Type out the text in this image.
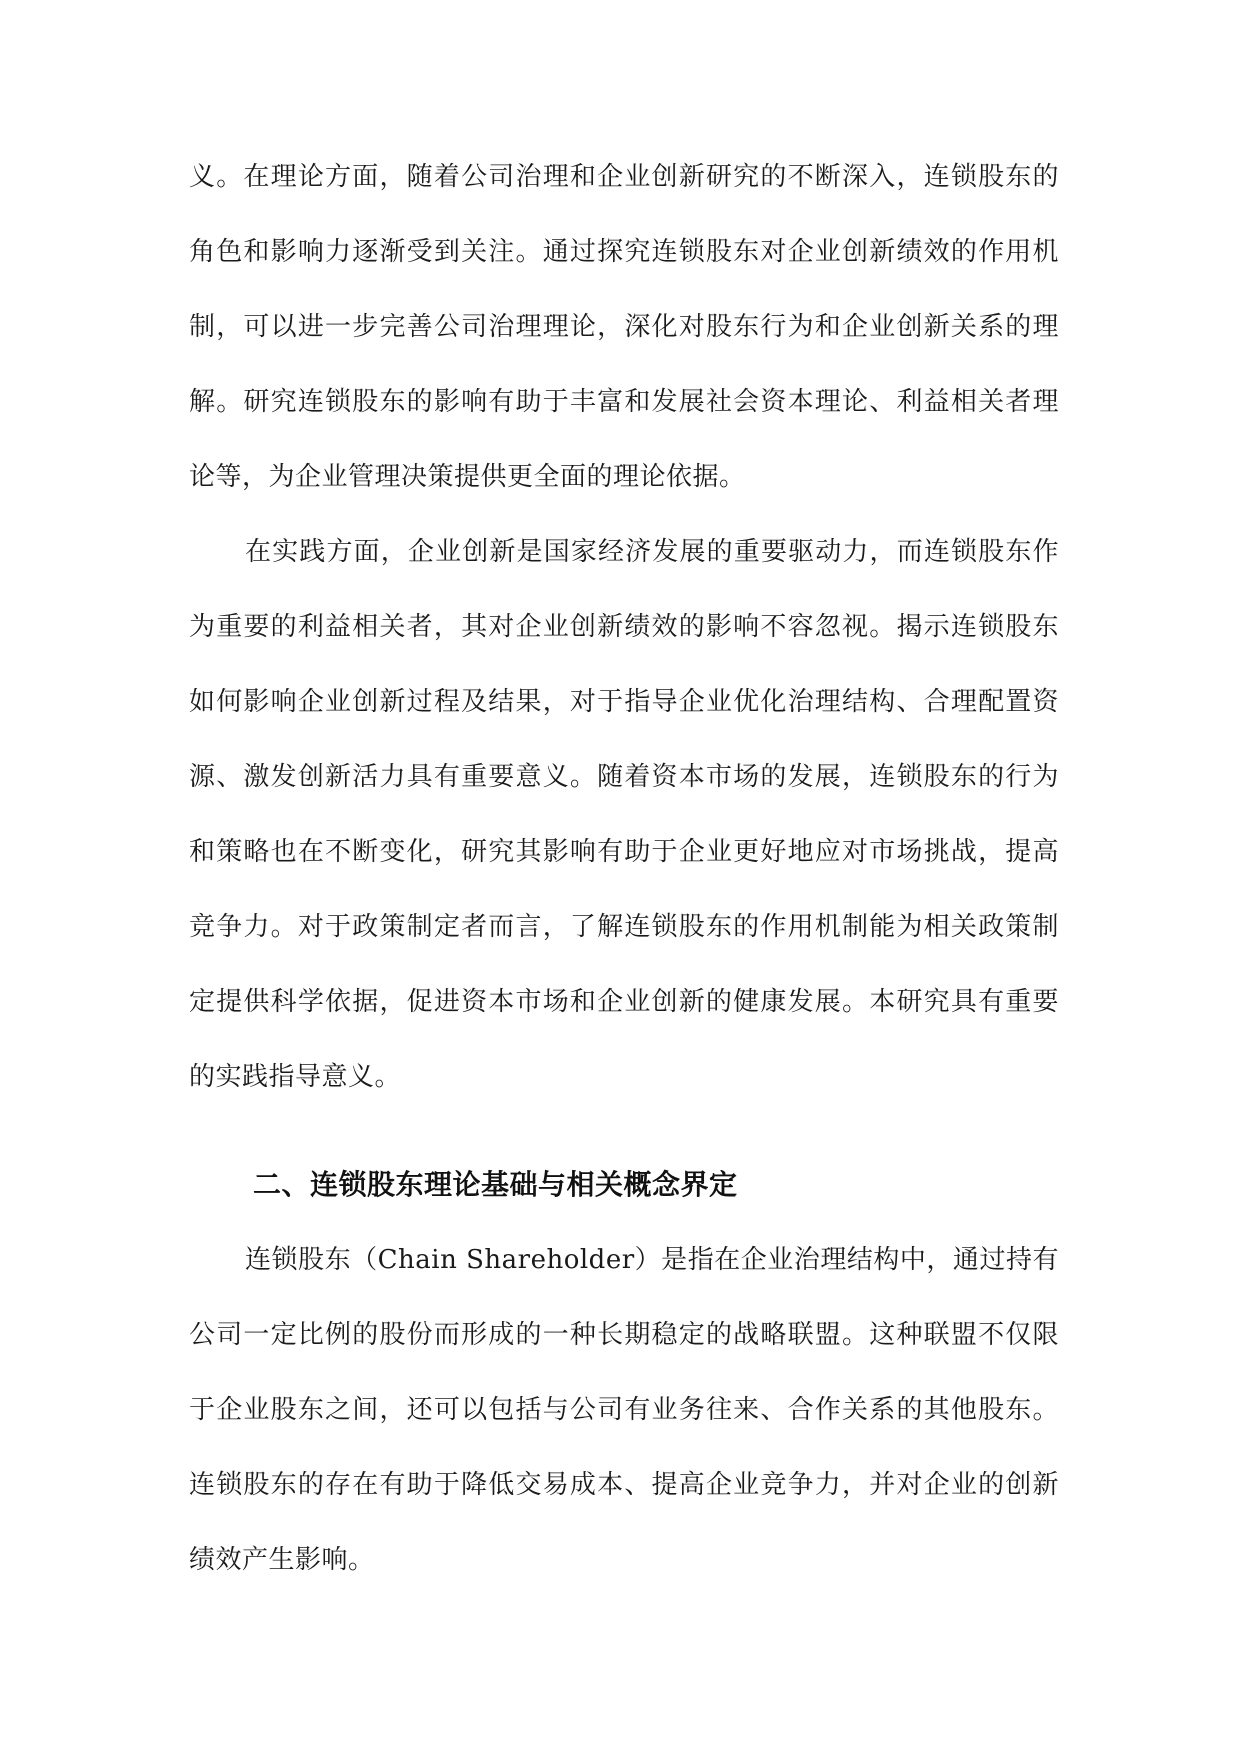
义。在理论方面，随着公司治理和企业创新研究的不断深入，连锁股东的角色和影响力逐渐受到关注。通过探究连锁股东对企业创新绩效的作用机制，可以进一步完善公司治理理论，深化对股东行为和企业创新关系的理解。研究连锁股东的影响有助于丰富和发展社会资本理论、利益相关者理论等，为企业管理决策提供更全面的理论依据。

在实践方面，企业创新是国家经济发展的重要驱动力，而连锁股东作为重要的利益相关者，其对企业创新绩效的影响不容忽视。揭示连锁股东如何影响企业创新过程及结果，对于指导企业优化治理结构、合理配置资源、激发创新活力具有重要意义。随着资本市场的发展，连锁股东的行为和策略也在不断变化，研究其影响有助于企业更好地应对市场挑战，提高竞争力。对于政策制定者而言，了解连锁股东的作用机制能为相关政策制定提供科学依据，促进资本市场和企业创新的健康发展。本研究具有重要的实践指导意义。

二、连锁股东理论基础与相关概念界定

连锁股东（Chain Shareholder）是指在企业治理结构中，通过持有公司一定比例的股份而形成的一种长期稳定的战略联盟。这种联盟不仅限于企业股东之间，还可以包括与公司有业务往来、合作关系的其他股东。连锁股东的存在有助于降低交易成本、提高企业竞争力，并对企业的创新绩效产生影响。
